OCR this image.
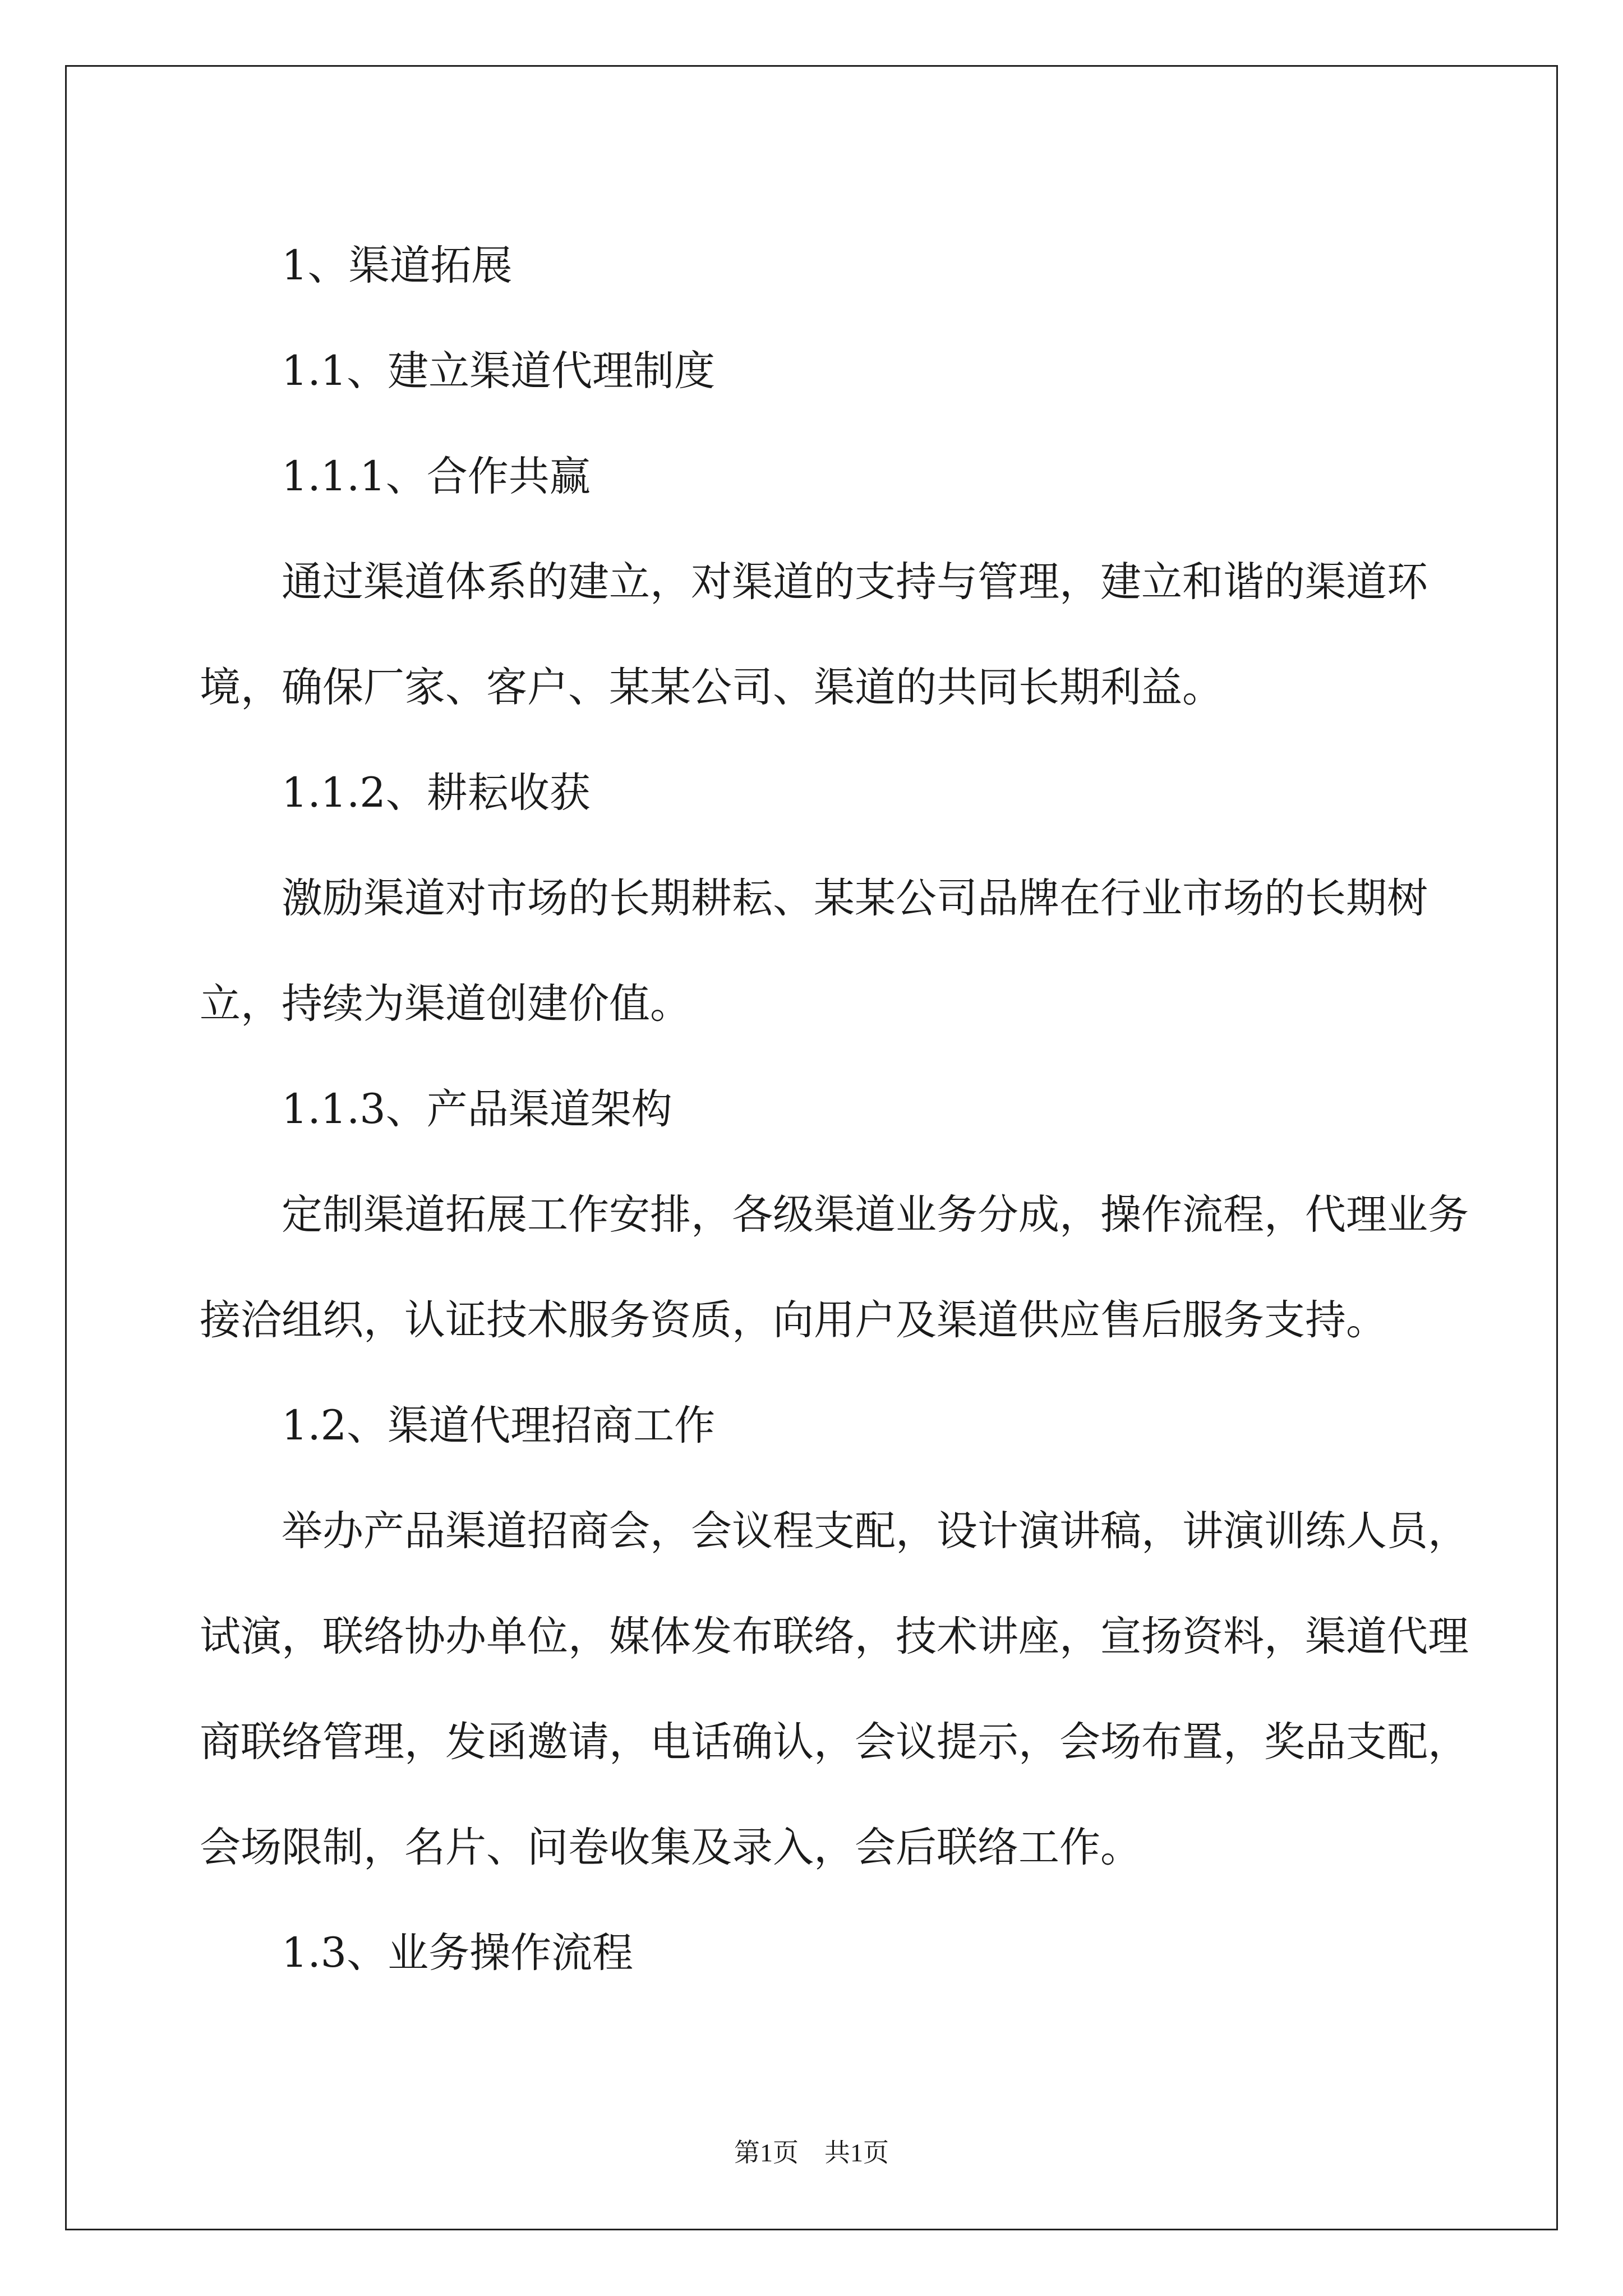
1、渠道拓展

1.1、建立渠道代理制度

1.1.1、合作共赢

通过渠道体系的建立，对渠道的支持与管理，建立和谐的渠道环境，确保厂家、客户、某某公司、渠道的共同长期利益。

1.1.2、耕耘收获

激励渠道对市场的长期耕耘、某某公司品牌在行业市场的长期树立，持续为渠道创建价值。

1.1.3、产品渠道架构

定制渠道拓展工作安排，各级渠道业务分成，操作流程，代理业务接洽组织，认证技术服务资质，向用户及渠道供应售后服务支持。

1.2、渠道代理招商工作

举办产品渠道招商会，会议程支配，设计演讲稿，讲演训练人员，试演，联络协办单位，媒体发布联络，技术讲座，宣扬资料，渠道代理商联络管理，发函邀请，电话确认，会议提示，会场布置，奖品支配，会场限制，名片、问卷收集及录入，会后联络工作。

1.3、业务操作流程

第1页　共1页
